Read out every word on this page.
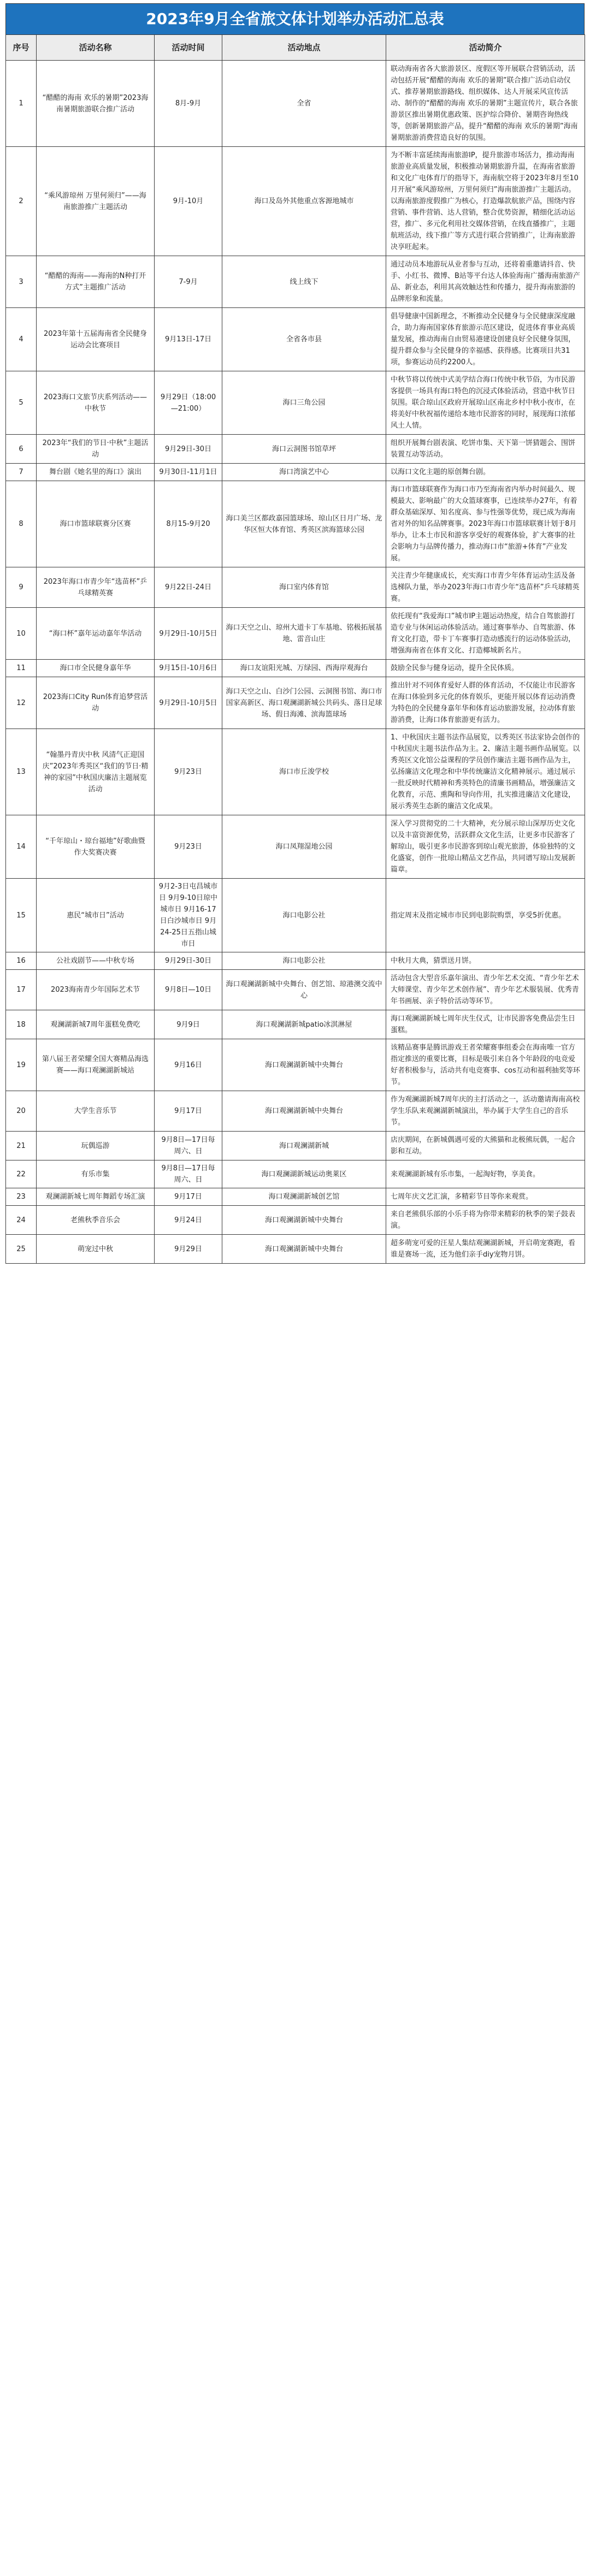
2023年9月全省旅文体计划举办活动汇总表
序号	活动名称	活动时间	活动地点	活动简介
1	“醋醋的海南 欢乐的暑期”2023海南暑期旅游联合推广活动	8月-9月	全省	联动海南省各大旅游景区、度假区等开展联合营销活动，活动包括开展“醋醋的海南 欢乐的暑期”联合推广活动启动仪式、推荐暑期旅游路线、组织媒体、达人开展采风宣传活动、制作的“醋醋的海南 欢乐的暑期”主题宣传片，联合各旅游景区推出暑期优惠政策、医护综合降价、暑期咨询热线等，创新暑期旅游产品，提升“醋醋的海南 欢乐的暑期”海南暑期旅游消费营造良好的氛围。
2	“乘风游琼州 万里何须归”——海南旅游推广主题活动	9月-10月	海口及岛外其他重点客源地城市	为不断丰富延续海南旅游IP，提升旅游市场活力，推动海南旅游业高质量发展，积极推动暑期旅游升温，在海南省旅游和文化广电体育厅的指导下，海南航空将于2023年8月至10月开展“乘风游琼州，万里何须归”海南旅游推广主题活动。以海南旅游度假推广为核心，打造爆款航旅产品，围绕内容营销、事件营销、达人营销，整合优势资源，精细化活动运营，推广、多元化利用社交媒体营销，在线直播推广，主题航班活动，线下推广等方式进行联合营销推广，让海南旅游决享旺起来。
3	“醋醋的海南——海南的N种打开方式”主题推广活动	7-9月	线上线下	通过动员本地游玩从业者参与互动，还将着重邀请抖音、快手、小红书、微博、B站等平台达人体验海南广播海南旅游产品、新业态，利用其高效触达性和传播力，提升海南旅游的品牌形象和流量。
4	2023年第十五届海南省全民健身运动会比赛项目	9月13日-17日	全省各市县	倡导健康中国新理念，不断推动全民健身与全民健康深度融合，助力海南国家体育旅游示范区建设，促进体育事业高质量发展，推动海南自由贸易港建设创建良好全民健身氛围，提升群众参与全民健身的幸福感、获得感。比赛项目共31项，参赛运动员约2200人。
5	2023海口文旅节庆系列活动——中秋节	9月29日（18:00—21:00）	海口三角公园	中秋节将以传统中式美学结合海口传统中秋节俗，为市民游客提供一场具有海口特色的沉浸式体验活动，营造中秋节日氛围。联合琼山区政府开展琼山区南北乡村中秋小夜市，在将美好中秋祝福传递给本地市民游客的同时，展现海口浓郁风土人情。
6	2023年“我们的节日·中秋”主题活动	9月29日-30日	海口云洞图书馆草坪	组织开展舞台剧表演、吃饼市集、天下第一饼猜题会、围饼装置互动等活动。
7	舞台剧《她名里的海口》演出	9月30日-11月1日	海口湾演艺中心	以海口文化主题的原创舞台剧。
8	海口市篮球联赛分区赛	8月15-9月20	海口美兰区都政嘉园篮球场、琼山区日月广场、龙华区恒大体育馆、秀英区滨海篮球公园	海口市篮球联赛作为海口市乃至海南省内举办时间最久、规模最大、影响最广的大众篮球赛事，已连续举办27年，有着群众基础深厚、知名度高、参与性强等优势，现已成为海南省对外的知名品牌赛事。2023年海口市篮球联赛计划于8月举办，让本土市民和游客享受好的观赛体验，扩大赛事的社会影响力与品牌传播力，推动海口市“旅游+体育”产业发展。
9	2023年海口市青少年“选苗杯”乒乓球精英赛	9月22日-24日	海口室内体育馆	关注青少年健康成长，充实海口市青少年体育运动生活及备选梯队力量，举办2023年海口市青少年“选苗杯”乒乓球精英赛。
10	“海口杯”嘉年运动嘉年华活动	9月29日-10月5日	海口天空之山、琼州大道卡丁车基地、铭极拓展基地、雷音山庄	依托现有“我爱海口”城市IP主题运动热度，结合自驾旅游打造专业与休闲运动体验活动。通过赛事举办、自驾旅游、体育文化打造，带卡丁车赛事打造动感流行的运动体验活动，增强海南省在体育文化、打造椰城新名片。
11	海口市全民健身嘉年华	9月15日-10月6日	海口友谊阳光城、万绿园、西海岸观海台	鼓励全民参与健身运动，提升全民体质。
12	2023海口City Run体育追梦营活动	9月29日-10月5日	海口天空之山、白沙门公园、云洞图书馆、海口市国家高新区、海口观澜湖新城公共码头、落日足球场、假日海滩、滨海篮球场	推出针对不同体育爱好人群的体育活动，不仅能让市民游客在海口体验到多元化的体育娱乐，更能开展以体育运动消费为特色的全民健身嘉年华和体育运动旅游发展，拉动体育旅游消费，让海口体育旅游更有活力。
13	“翰墨丹青庆中秋 风清气正迎国庆”2023年秀英区“我们的节日·精神的家园”中秋国庆廉洁主题展览活动	9月23日	海口市丘浚学校	1、中秋国庆主题书法作品展览，以秀英区书法家协会创作的中秋国庆主题书法作品为主。2、廉洁主题书画作品展览。以秀英区文化馆公益课程的学员创作廉洁主题书画作品为主，弘扬廉洁文化理念和中华传统廉洁文化精神展示。通过展示一批反映时代精神和秀英特色的清廉书画精品，增强廉洁文化教育，示范、熏陶和导向作用，扎实推进廉洁文化建设，展示秀英生态新的廉洁文化成果。
14	“千年琼山・琼台福地”好歌曲暨作大奖赛决赛	9月23日	海口凤翔湿地公园	深入学习贯彻党的二十大精神，充分展示琼山深厚历史文化以及丰富资源优势，活跃群众文化生活，让更多市民游客了解琼山，吸引更多市民游客到琼山观光旅游，体验独特的文化盛宴，创作一批琼山精品文艺作品，共同谱写琼山发展新篇章。
15	惠民“城市日”活动	9月2-3日屯昌城市日 9月9-10日琼中城市日 9月16-17日白沙城市日 9月24-25日五指山城市日	海口电影公社	指定周末及指定城市市民到电影院购票，享受5折优惠。
16	公社戏剧节——中秋专场	9月29日-30日	海口电影公社	中秋月大典，猜票送月饼。
17	2023海南青少年国际艺术节	9月8日—10日	海口观澜湖新城中央舞台、创艺馆、琼港澳交流中心	活动包含大型音乐嘉年演出、青少年艺术交流、“青少年艺术大师课堂、青少年艺术创作展”、青少年艺术服装展、优秀青年书画展、亲子特价活动等环节。
18	观澜湖新城7周年蛋糕免费吃	9月9日	海口观澜湖新城patio冰淇淋屋	海口观澜湖新城七周年庆生仪式，让市民游客免费品尝生日蛋糕。
19	第八届王者荣耀全国大赛精品海选赛——海口观澜湖新城站	9月16日	海口观澜湖新城中央舞台	该精品赛事是腾讯游戏王者荣耀赛事组委会在海南唯一官方指定推送的重要比赛，目标是吸引来自各个年龄段的电竞爱好者积极参与，活动共有电竞赛事、cos互动和福利抽奖等环节。
20	大学生音乐节	9月17日	海口观澜湖新城中央舞台	作为观澜湖新城7周年庆的主打活动之一，活动邀请海南高校学生乐队来观澜湖新城演出，举办属于大学生自己的音乐节。
21	玩偶巡游	9月8日—17日每周六、日	海口观澜湖新城	店庆期间，在新城偶遇可爱的大熊猫和北极熊玩偶，一起合影和互动。
22	有乐市集	9月8日—17日每周六、日	海口观澜湖新城运动奥莱区	来观澜湖新城有乐市集，一起淘好物，享美食。
23	观澜湖新城七周年舞蹈专场汇演	9月17日	海口观澜湖新城创艺馆	七周年庆文艺汇演，多精彩节目等你来观赏。
24	老熊秋季音乐会	9月24日	海口观澜湖新城中央舞台	来自老熊俱乐部的小乐手将为你带来精彩的秋季的架子鼓表演。
25	萌宠过中秋	9月29日	海口观澜湖新城中央舞台	超多萌宠可爱的汪星人集结观澜湖新城，开启萌宠赛跑，看谁是赛场一流，还为他们亲手diy宠物月饼。
